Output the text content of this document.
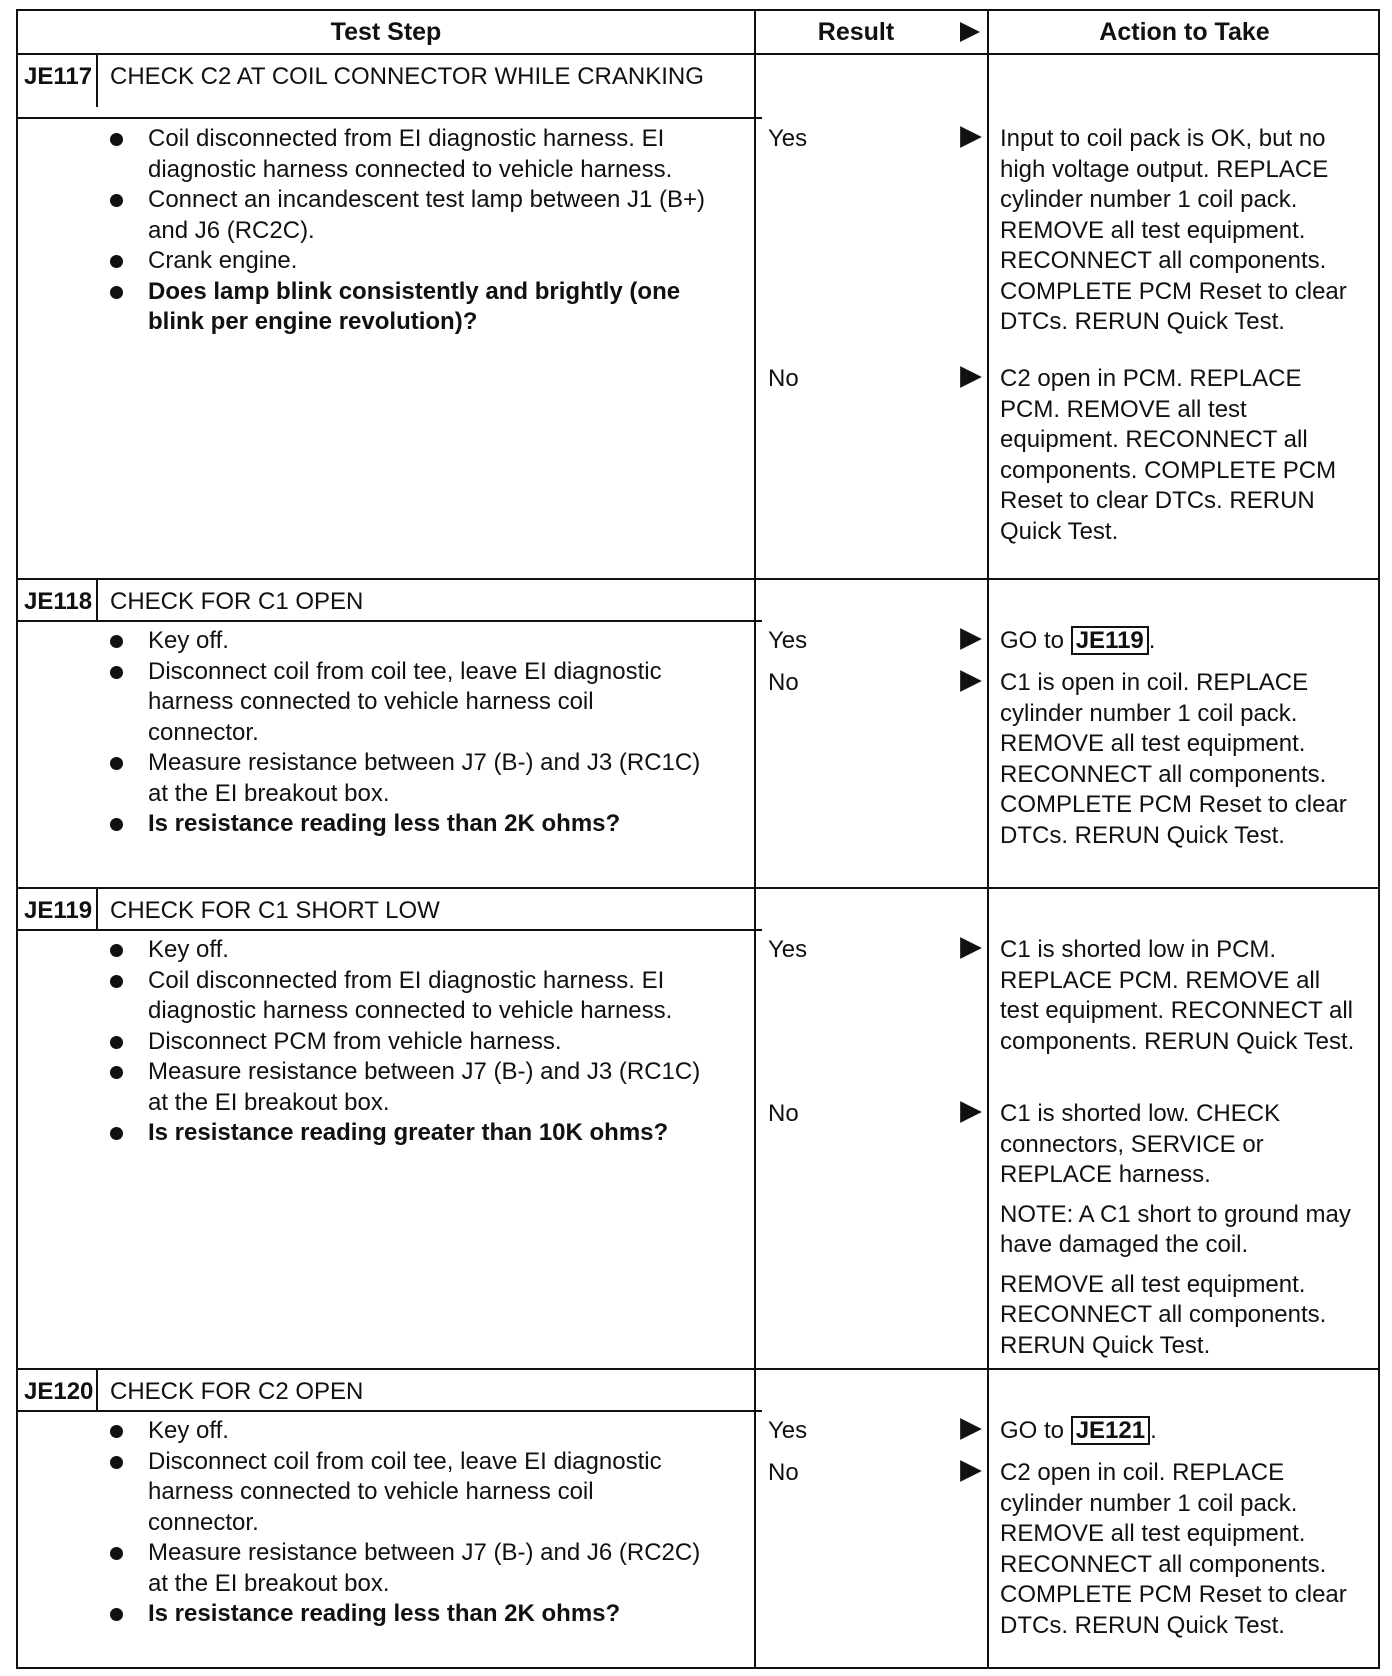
Test Step	Result	Action to Take
JE117 CHECK C2 AT COIL CONNECTOR WHILE CRANKING
Coil disconnected from EI diagnostic harness. EI diagnostic harness connected to vehicle harness.
Connect an incandescent test lamp between J1 (B+) and J6 (RC2C).
Crank engine.
Does lamp blink consistently and brightly (one blink per engine revolution)?
Yes	Input to coil pack is OK, but no high voltage output. REPLACE cylinder number 1 coil pack. REMOVE all test equipment. RECONNECT all components. COMPLETE PCM Reset to clear DTCs. RERUN Quick Test.

No	C2 open in PCM. REPLACE PCM. REMOVE all test equipment. RECONNECT all components. COMPLETE PCM Reset to clear DTCs. RERUN Quick Test.

JE118 CHECK FOR C1 OPEN
Key off.
Disconnect coil from coil tee, leave EI diagnostic harness connected to vehicle harness coil connector.
Measure resistance between J7 (B-) and J3 (RC1C) at the EI breakout box.
Is resistance reading less than 2K ohms?
Yes	GO to JE119 .

No	C1 is open in coil. REPLACE cylinder number 1 coil pack. REMOVE all test equipment. RECONNECT all components. COMPLETE PCM Reset to clear DTCs. RERUN Quick Test.

JE119 CHECK FOR C1 SHORT LOW
Key off.
Coil disconnected from EI diagnostic harness. EI diagnostic harness connected to vehicle harness.
Disconnect PCM from vehicle harness.
Measure resistance between J7 (B-) and J3 (RC1C) at the EI breakout box.
Is resistance reading greater than 10K ohms?
Yes	C1 is shorted low in PCM. REPLACE PCM. REMOVE all test equipment. RECONNECT all components. RERUN Quick Test.

No	C1 is shorted low. CHECK connectors, SERVICE or REPLACE harness.

NOTE: A C1 short to ground may have damaged the coil.

REMOVE all test equipment. RECONNECT all components. RERUN Quick Test.

JE120 CHECK FOR C2 OPEN
Key off.
Disconnect coil from coil tee, leave EI diagnostic harness connected to vehicle harness coil connector.
Measure resistance between J7 (B-) and J6 (RC2C) at the EI breakout box.
Is resistance reading less than 2K ohms?
Yes	GO to JE121 .

No	C2 open in coil. REPLACE cylinder number 1 coil pack. REMOVE all test equipment. RECONNECT all components. COMPLETE PCM Reset to clear DTCs. RERUN Quick Test.
